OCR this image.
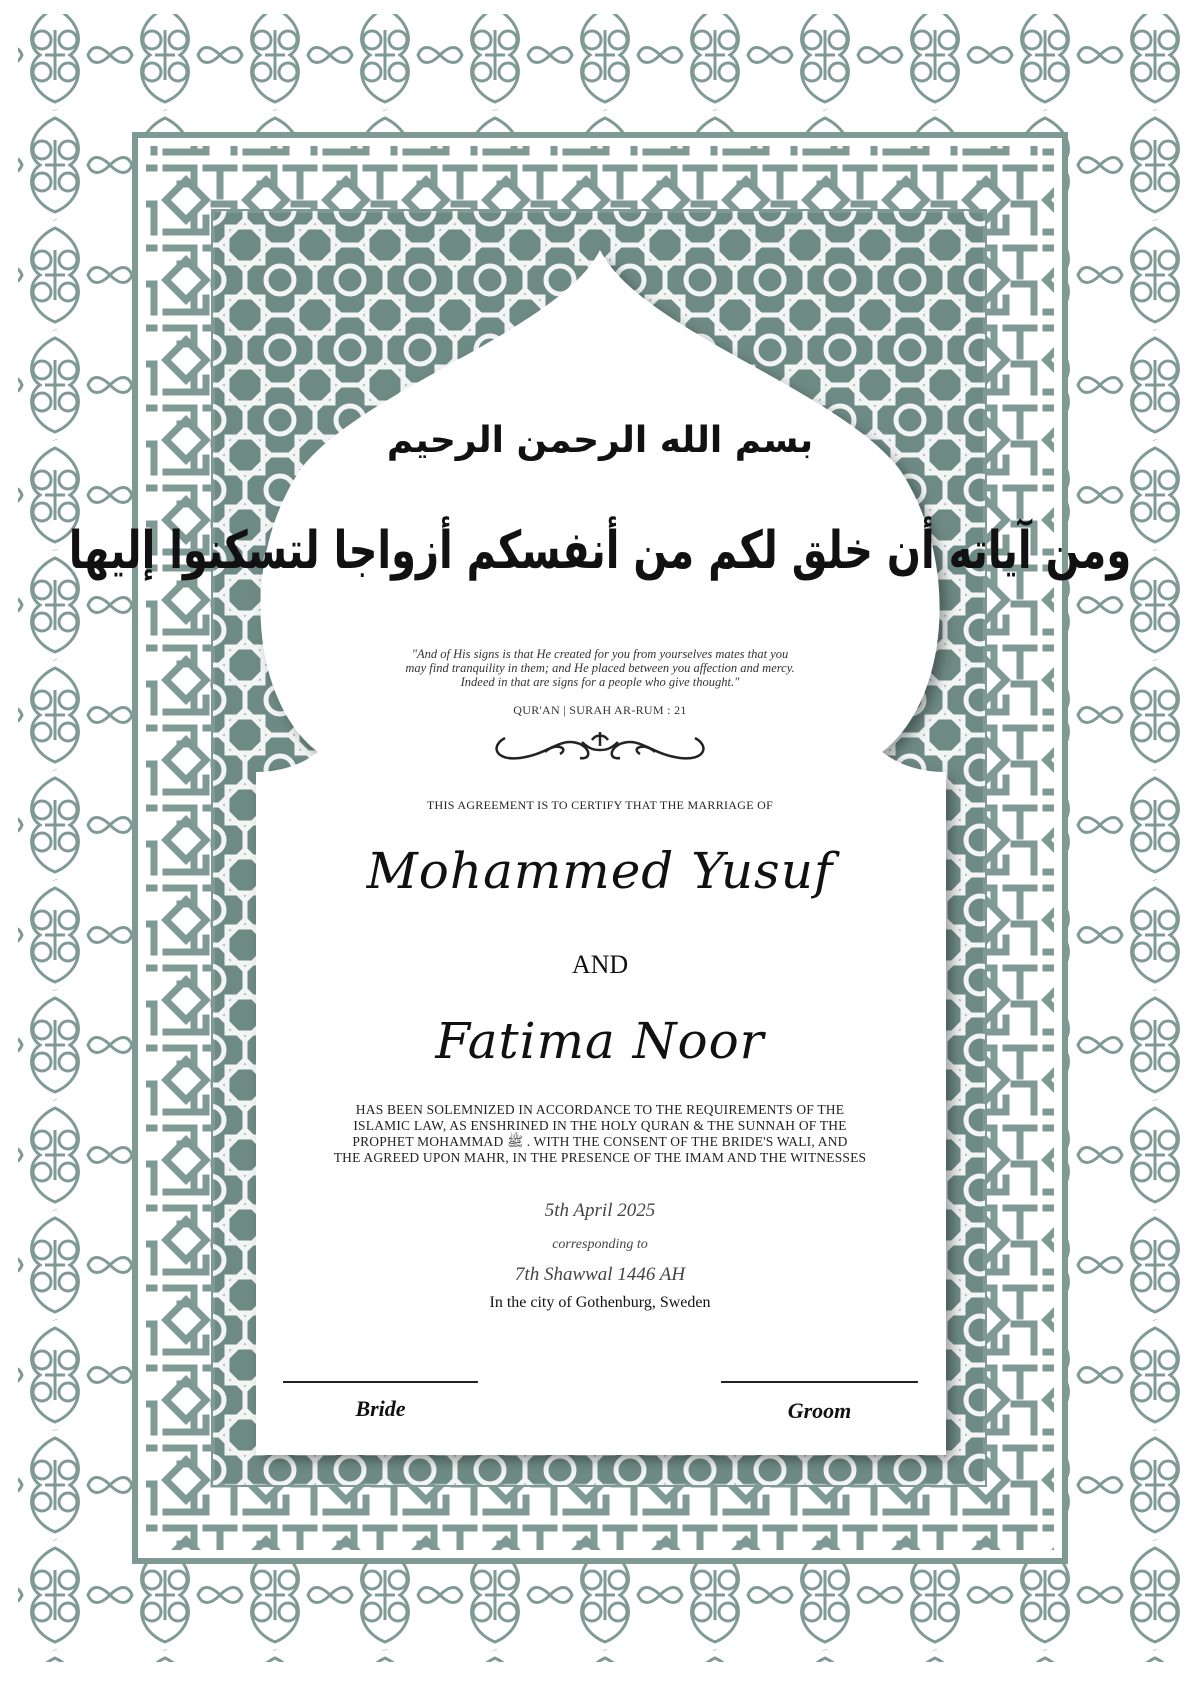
بسم الله الرحمن الرحيم
ومن آياته أن خلق لكم من أنفسكم أزواجا لتسكنوا إليها
"And of His signs is that He created for you from yourselves mates that you
may find tranquility in them; and He placed between you affection and mercy.
Indeed in that are signs for a people who give thought."
QUR'AN | SURAH AR-RUM : 21
THIS AGREEMENT IS TO CERTIFY THAT THE MARRIAGE OF
Mohammed Yusuf
AND
Fatima Noor
HAS BEEN SOLEMNIZED IN ACCORDANCE TO THE REQUIREMENTS OF THE
ISLAMIC LAW, AS ENSHRINED IN THE HOLY QURAN & THE SUNNAH OF THE
PROPHET MOHAMMAD ﷺ . WITH THE CONSENT OF THE BRIDE'S WALI, AND
THE AGREED UPON MAHR, IN THE PRESENCE OF THE IMAM AND THE WITNESSES
5th April 2025
corresponding to
7th Shawwal 1446 AH
In the city of Gothenburg, Sweden
Bride	Groom
